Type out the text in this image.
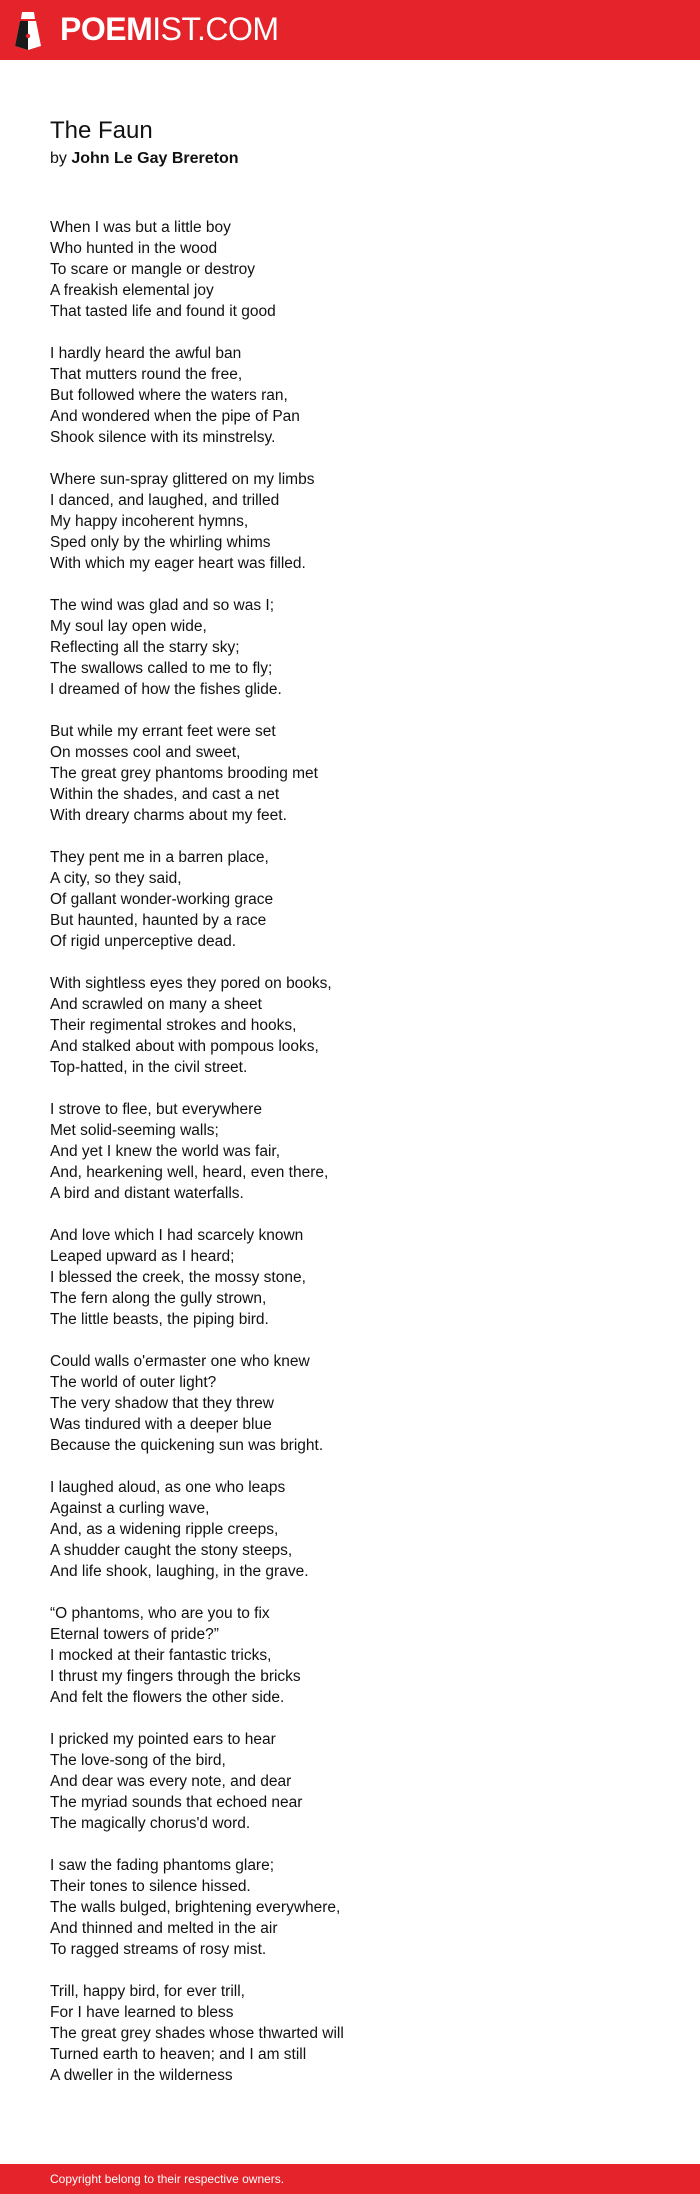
POEMIST.COM
The Faun
by John Le Gay Brereton
When I was but a little boy
Who hunted in the wood
To scare or mangle or destroy
A freakish elemental joy
That tasted life and found it good
I hardly heard the awful ban
That mutters round the free,
But followed where the waters ran,
And wondered when the pipe of Pan
Shook silence with its minstrelsy.
Where sun-spray glittered on my limbs
I danced, and laughed, and trilled
My happy incoherent hymns,
Sped only by the whirling whims
With which my eager heart was filled.
The wind was glad and so was I;
My soul lay open wide,
Reflecting all the starry sky;
The swallows called to me to fly;
I dreamed of how the fishes glide.
But while my errant feet were set
On mosses cool and sweet,
The great grey phantoms brooding met
Within the shades, and cast a net
With dreary charms about my feet.
They pent me in a barren place,
A city, so they said,
Of gallant wonder-working grace
But haunted, haunted by a race
Of rigid unperceptive dead.
With sightless eyes they pored on books,
And scrawled on many a sheet
Their regimental strokes and hooks,
And stalked about with pompous looks,
Top-hatted, in the civil street.
I strove to flee, but everywhere
Met solid-seeming walls;
And yet I knew the world was fair,
And, hearkening well, heard, even there,
A bird and distant waterfalls.
And love which I had scarcely known
Leaped upward as I heard;
I blessed the creek, the mossy stone,
The fern along the gully strown,
The little beasts, the piping bird.
Could walls o'ermaster one who knew
The world of outer light?
The very shadow that they threw
Was tindured with a deeper blue
Because the quickening sun was bright.
I laughed aloud, as one who leaps
Against a curling wave,
And, as a widening ripple creeps,
A shudder caught the stony steeps,
And life shook, laughing, in the grave.
“O phantoms, who are you to fix
Eternal towers of pride?”
I mocked at their fantastic tricks,
I thrust my fingers through the bricks
And felt the flowers the other side.
I pricked my pointed ears to hear
The love-song of the bird,
And dear was every note, and dear
The myriad sounds that echoed near
The magically chorus'd word.
I saw the fading phantoms glare;
Their tones to silence hissed.
The walls bulged, brightening everywhere,
And thinned and melted in the air
To ragged streams of rosy mist.
Trill, happy bird, for ever trill,
For I have learned to bless
The great grey shades whose thwarted will
Turned earth to heaven; and I am still
A dweller in the wilderness
Copyright belong to their respective owners.
